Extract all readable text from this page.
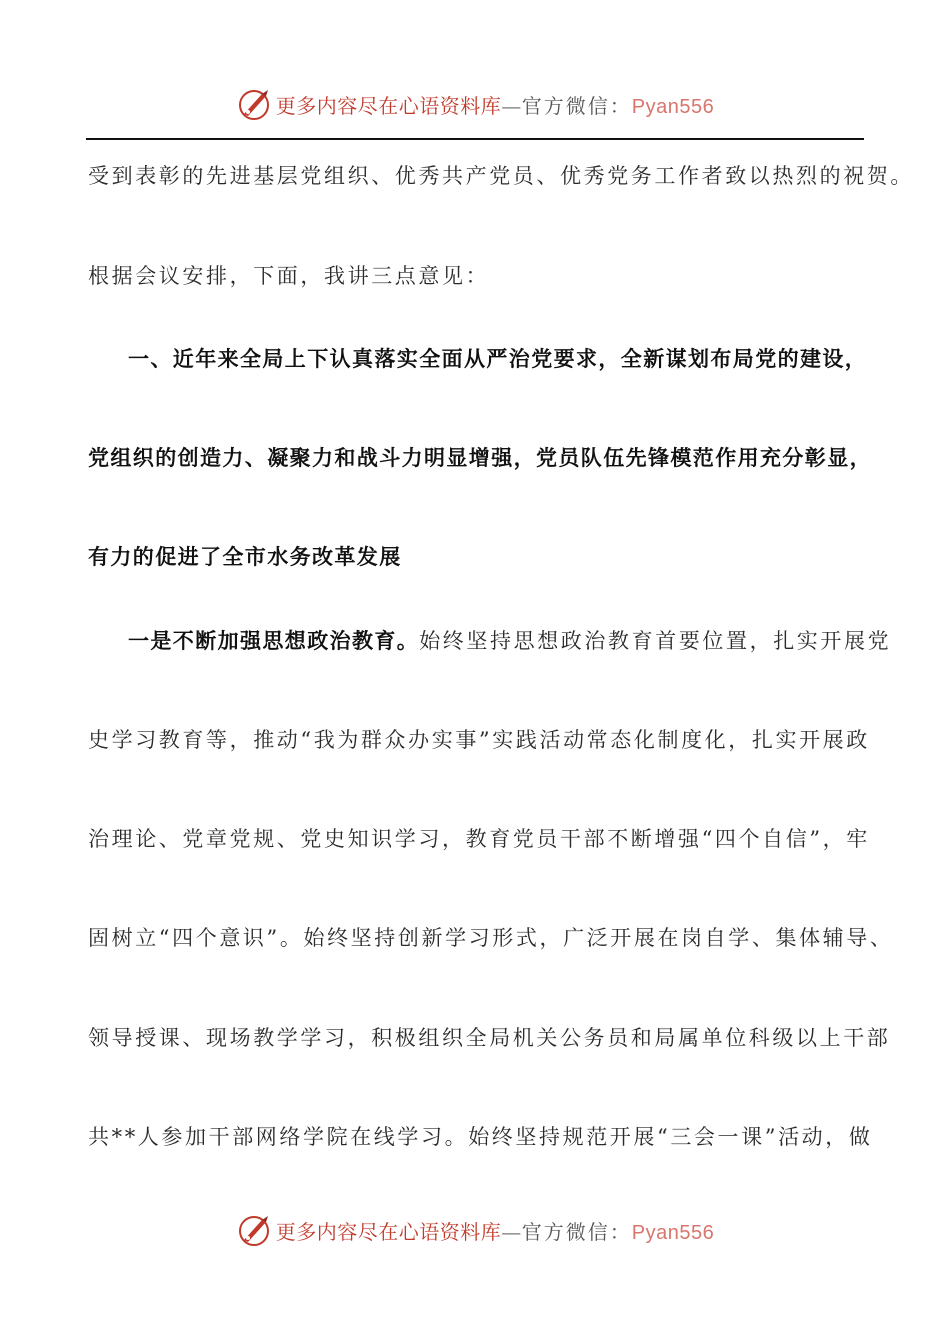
更多内容尽在心语资料库—官方微信：Pyan556
受到表彰的先进基层党组织、优秀共产党员、优秀党务工作者致以热烈的祝贺。
根据会议安排，下面，我讲三点意见：
一、近年来全局上下认真落实全面从严治党要求，全新谋划布局党的建设，
党组织的创造力、凝聚力和战斗力明显增强，党员队伍先锋模范作用充分彰显，
有力的促进了全市水务改革发展
一是不断加强思想政治教育。始终坚持思想政治教育首要位置，扎实开展党
史学习教育等，推动“我为群众办实事”实践活动常态化制度化，扎实开展政
治理论、党章党规、党史知识学习，教育党员干部不断增强“四个自信”，牢
固树立“四个意识”。始终坚持创新学习形式，广泛开展在岗自学、集体辅导、
领导授课、现场教学学习，积极组织全局机关公务员和局属单位科级以上干部
共**人参加干部网络学院在线学习。始终坚持规范开展“三会一课”活动，做
更多内容尽在心语资料库—官方微信：Pyan556
